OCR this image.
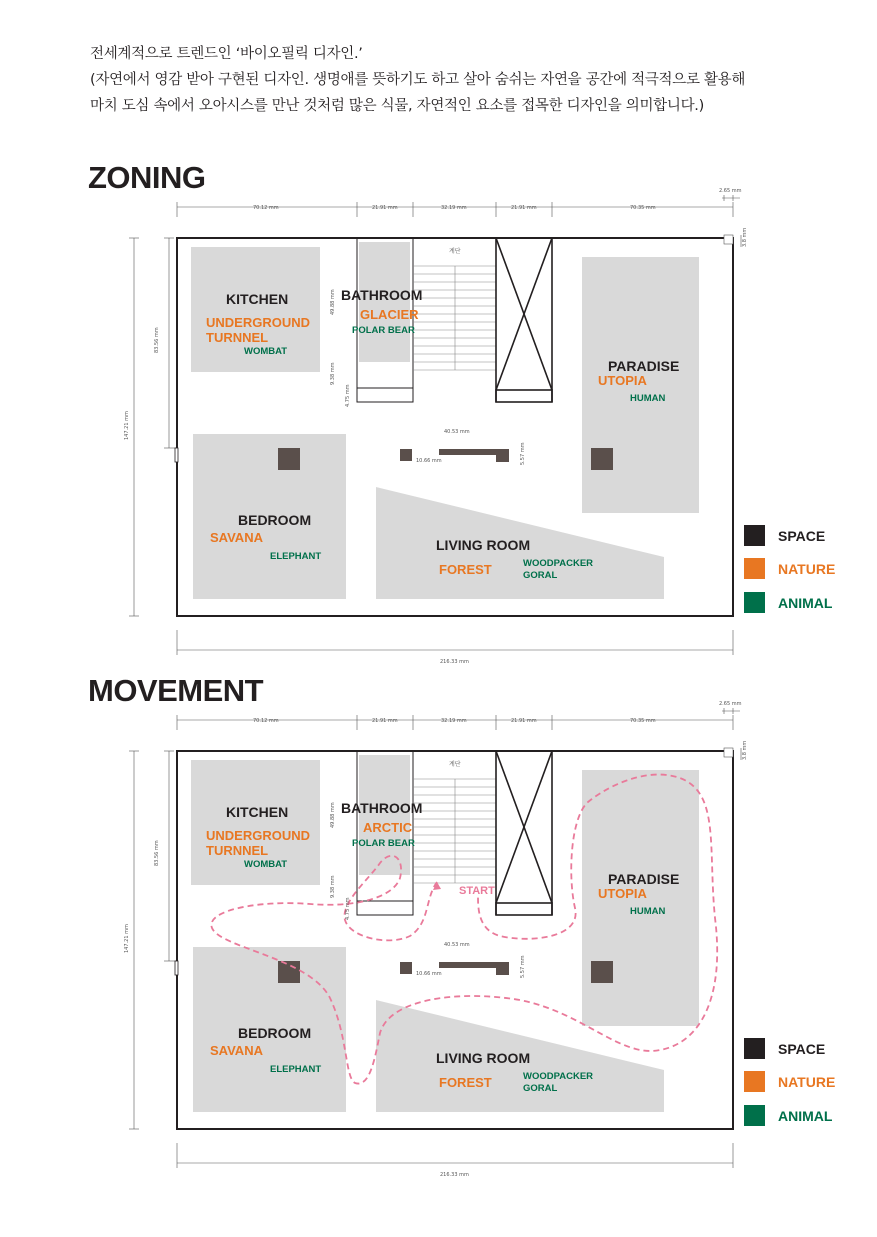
전세계적으로 트렌드인 ‘바이오필릭 디자인.’

(자연에서 영감 받아 구현된 디자인. 생명애를 뜻하기도 하고 살아 숨쉬는 자연을 공간에 적극적으로 활용해

마치 도심 속에서 오아시스를 만난 것처럼 많은 식물, 자연적인 요소를 접목한 디자인을 의미합니다.)

ZONING
70.12 mm	21.91 mm	32.19 mm	21.91 mm	70.35 mm
2.65 mm
216.33 mm
147.21 mm
83.56 mm
49.88 mm
9.38 mm
4.75 mm
3.8 mm
40.53 mm
10.66 mm	5.57 mm
계단
KITCHEN
UNDERGROUND
TURNNEL
WOMBAT
BATHROOM
GLACIER
POLAR BEAR
PARADISE
UTOPIA
HUMAN
BEDROOM
SAVANA
ELEPHANT
LIVING ROOM
FOREST	WOODPACKER
GORAL
SPACE
NATURE
ANIMAL
MOVEMENT
70.12 mm	21.91 mm	32.19 mm	21.91 mm	70.35 mm
2.65 mm
216.33 mm
147.21 mm
83.56 mm
49.88 mm
9.38 mm
4.75 mm
3.8 mm
40.53 mm
10.66 mm	5.57 mm
계단
KITCHEN
UNDERGROUND
TURNNEL
WOMBAT
BATHROOM
ARCTIC
POLAR BEAR
START
PARADISE
UTOPIA
HUMAN
BEDROOM
SAVANA
ELEPHANT
LIVING ROOM
FOREST	WOODPACKER
GORAL
SPACE
NATURE
ANIMAL
